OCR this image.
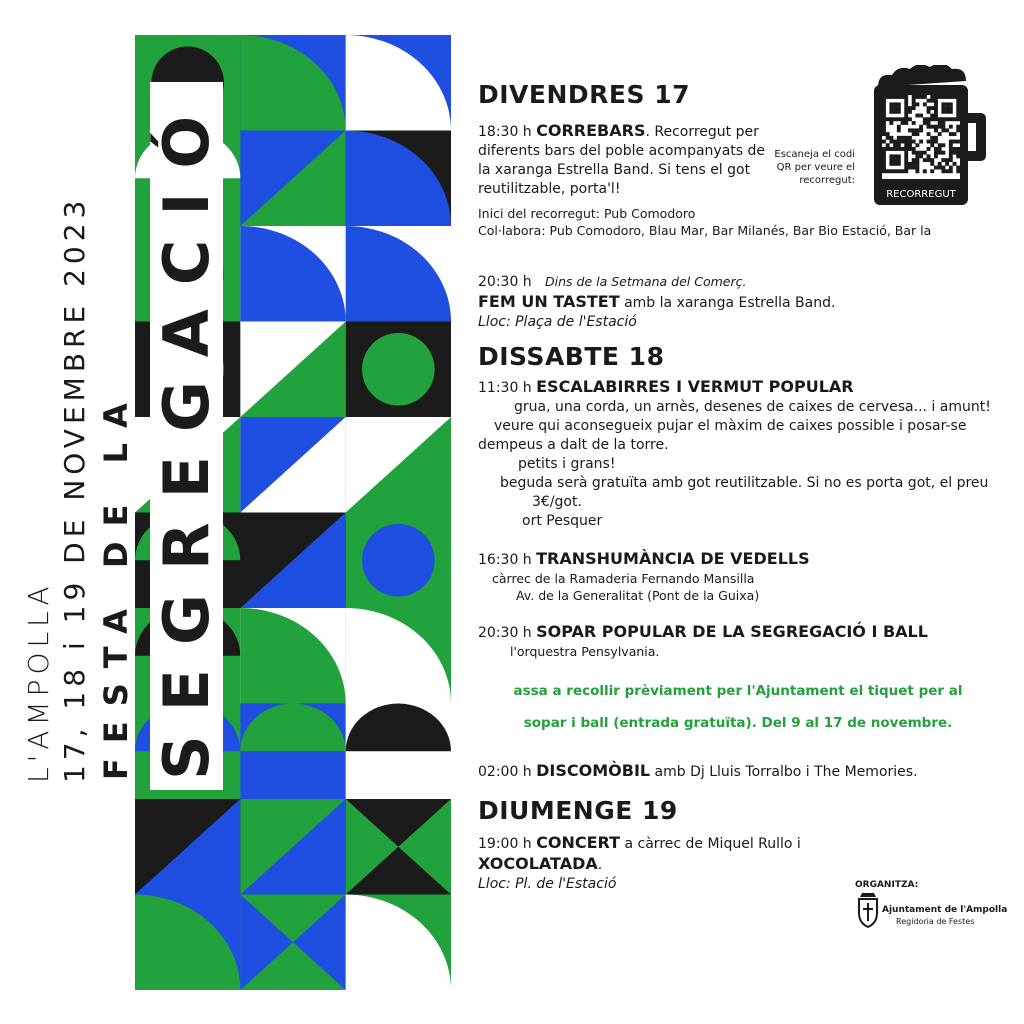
L'AMPOLLA 17, 18 i 19 DE NOVEMBRE 2023 FESTA DE LA SEGREGACIÓ	RECORREGUT
Escaneja el codi QR per veure el recorregut:
DIVENDRES 17

18:30 h CORREBARS. Recorregut per diferents bars del poble acompanyats de la xaranga Estrella Band. Si tens el got reutilitzable, porta'l!

Inici del recorregut: Pub Comodoro

Col·labora: Pub Comodoro, Blau Mar, Bar Milanés, Bar Bio Estació, Bar la

20:30 h Dins de la Setmana del Comerç.

FEM UN TASTET amb la xaranga Estrella Band.

Lloc: Plaça de l'Estació

DISSABTE 18

11:30 h ESCALABIRRES I VERMUT POPULAR

grua, una corda, un arnès, desenes de caixes de cervesa... i amunt!

veure qui aconsegueix pujar el màxim de caixes possible i posar-se

dempeus a dalt de la torre.

petits i grans!

beguda serà gratuïta amb got reutilitzable. Si no es porta got, el preu

3€/got.

ort Pesquer

16:30 h TRANSHUMÀNCIA DE VEDELLS

càrrec de la Ramaderia Fernando Mansilla

Av. de la Generalitat (Pont de la Guixa)

20:30 h SOPAR POPULAR DE LA SEGREGACIÓ I BALL

l'orquestra Pensylvania.

assa a recollir prèviament per l'Ajuntament el tiquet per al

sopar i ball (entrada gratuïta). Del 9 al 17 de novembre.

02:00 h DISCOMÒBIL amb Dj Lluis Torralbo i The Memories.

DIUMENGE 19

19:00 h CONCERT a càrrec de Miquel Rullo i

XOCOLATADA.

Lloc: Pl. de l'Estació	ORGANITZA:
Ajuntament de l'Ampolla
Regidoria de Festes
